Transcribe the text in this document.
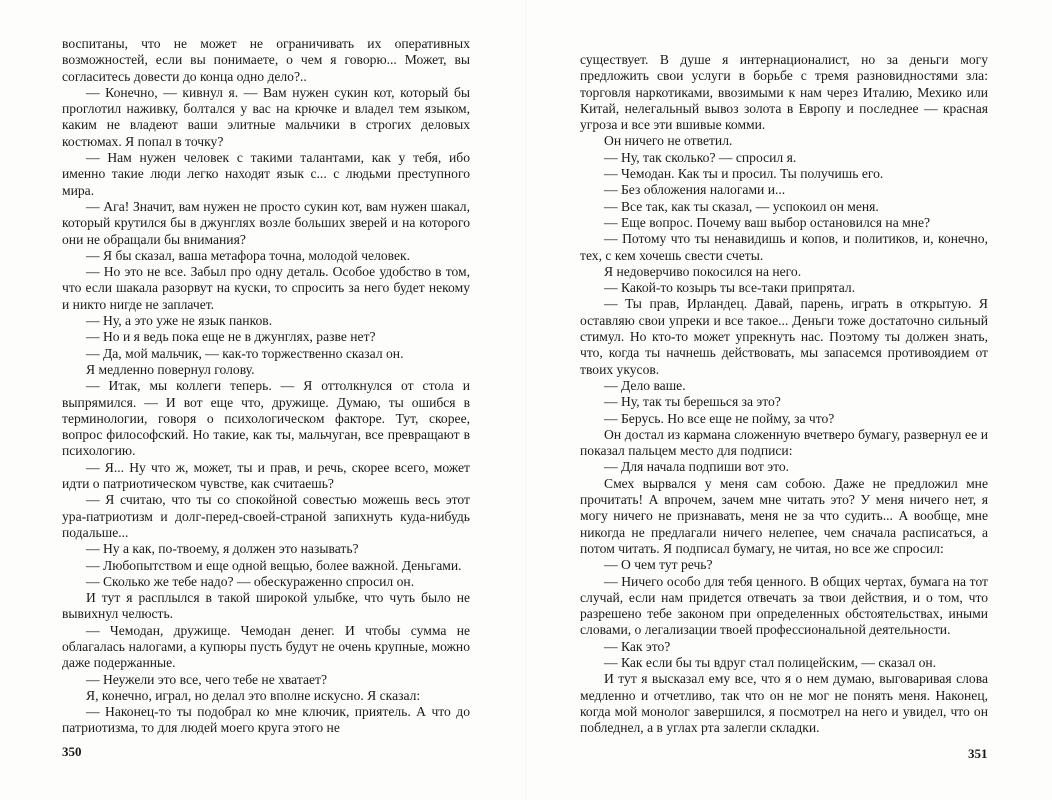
воспитаны, что не может не ограничивать их оперативных возможностей, если вы понимаете, о чем я говорю... Может, вы соглаcитесь довести до конца одно дело?..

— Конечно, — кивнул я. — Вам нужен сукин кот, который бы проглотил наживку, болтался у вас на крючке и владел тем языком, каким не владеют ваши элитные мальчики в строгих деловых костюмах. Я попал в точку?

— Нам нужен человек с такими талантами, как у тебя, ибо именно такие люди легко находят язык с... с людьми преступного мира.

— Ага! Значит, вам нужен не просто сукин кот, вам нужен шакал, который крутился бы в джунглях возле больших зверей и на которого они не обращали бы внимания?

— Я бы сказал, ваша метафора точна, молодой человек.

— Но это не все. Забыл про одну деталь. Особое удобство в том, что если шакала разорвут на куски, то спросить за него будет некому и никто нигде не заплачет.

— Ну, а это уже не язык панков.

— Но и я ведь пока еще не в джунглях, разве нет?

— Да, мой мальчик, — как-то торжественно сказал он.

Я медленно повернул голову.

— Итак, мы коллеги теперь. — Я оттолкнулся от стола и выпрямился. — И вот еще что, дружище. Думаю, ты ошибся в терминологии, говоря о психологическом факторе. Тут, скорее, вопрос философский. Но такие, как ты, мальчуган, все превращают в психологию.

— Я... Ну что ж, может, ты и прав, и речь, скорее всего, может идти о патриотическом чувстве, как считаешь?

— Я считаю, что ты со спокойной совестью можешь весь этот ура-патриотизм и долг-перед-своей-страной запихнуть куда-нибудь подальше...

— Ну а как, по-твоему, я должен это называть?

— Любопытством и еще одной вещью, более важной. Деньгами.

— Сколько же тебе надо? — обескураженно спросил он.

И тут я расплылся в такой широкой улыбке, что чуть было не вывихнул челюсть.

— Чемодан, дружище. Чемодан денег. И чтобы сумма не облагалась налогами, а купюры пусть будут не очень крупные, можно даже подержанные.

— Неужели это все, чего тебе не хватает?

Я, конечно, играл, но делал это вполне искусно. Я сказал:

— Наконец-то ты подобрал ко мне ключик, приятель. А что до патриотизма, то для людей моего круга этого не

350

существует. В душе я интернационалист, но за деньги могу предложить свои услуги в борьбе с тремя разновидностями зла: торговля наркотиками, ввозимыми к нам через Италию, Мехико или Китай, нелегальный вывоз золота в Европу и последнее — красная угроза и все эти вшивые комми.

Он ничего не ответил.

— Ну, так сколько? — спросил я.

— Чемодан. Как ты и просил. Ты получишь его.

— Без обложения налогами и...

— Все так, как ты сказал, — успокоил он меня.

— Еще вопрос. Почему ваш выбор остановился на мне?

— Потому что ты ненавидишь и копов, и политиков, и, конечно, тех, с кем хочешь свести счеты.

Я недоверчиво покосился на него.

— Какой-то козырь ты все-таки припрятал.

— Ты прав, Ирландец. Давай, парень, играть в открытую. Я оставляю свои упреки и все такое... Деньги тоже достаточно сильный стимул. Но кто-то может упрекнуть нас. Поэтому ты должен знать, что, когда ты начнешь действовать, мы запасемся противоядием от твоих укусов.

— Дело ваше.

— Ну, так ты берешься за это?

— Берусь. Но все еще не пойму, за что?

Он достал из кармана сложенную вчетверо бумагу, развернул ее и показал пальцем место для подписи:

— Для начала подпиши вот это.

Смех вырвался у меня сам собою. Даже не предложил мне прочитать! А впрочем, зачем мне читать это? У меня ничего нет, я могу ничего не признавать, меня не за что судить... А вообще, мне никогда не предлагали ничего нелепее, чем сначала расписаться, а потом читать. Я подписал бумагу, не читая, но все же спросил:

— О чем тут речь?

— Ничего особо для тебя ценного. В общих чертах, бумага на тот случай, если нам придется отвечать за твои действия, и о том, что разрешено тебе законом при определенных обстоятельствах, иными словами, о легализации твоей профессиональной деятельности.

— Как это?

— Как если бы ты вдруг стал полицейским, — сказал он.

И тут я высказал ему все, что я о нем думаю, выговаривая слова медленно и отчетливо, так что он не мог не понять меня. Наконец, когда мой монолог завершился, я посмотрел на него и увидел, что он побледнел, а в углах рта залегли складки.

351
